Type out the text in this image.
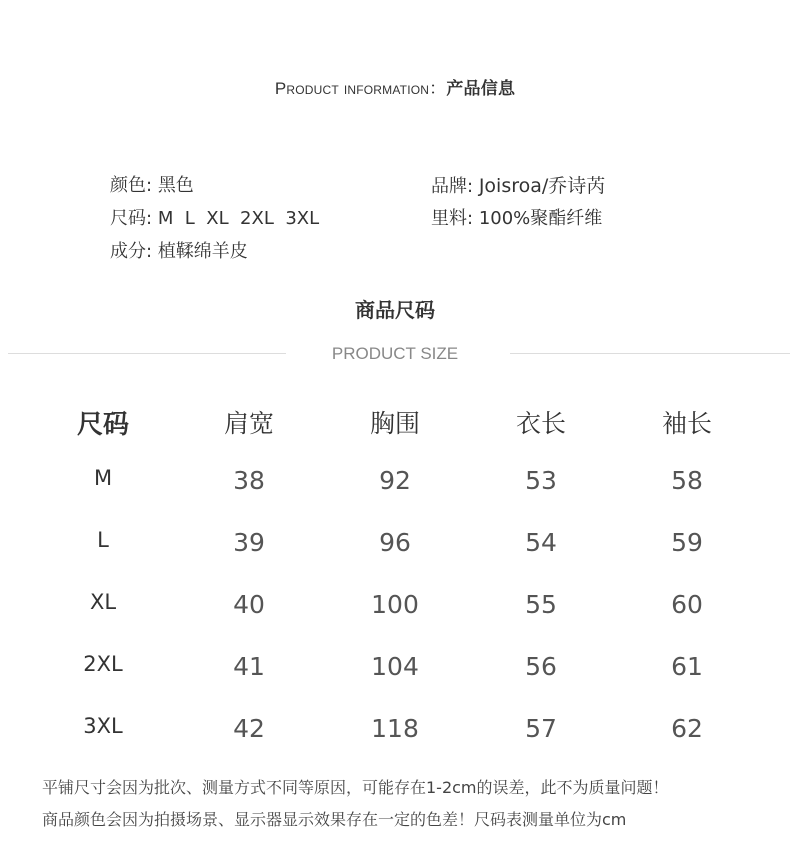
Product information：产品信息
颜色: 黑色	品牌: Joisroa/乔诗芮
尺码: M  L  XL  2XL  3XL	里料: 100%聚酯纤维
成分: 植鞣绵羊皮
商品尺码
PRODUCT SIZE
尺码	肩宽	胸围	衣长	袖长
M	38	92	53	58
L	39	96	54	59
XL	40	100	55	60
2XL	41	104	56	61
3XL	42	118	57	62
平铺尺寸会因为批次、测量方式不同等原因，可能存在1-2cm的误差，此不为质量问题！
商品颜色会因为拍摄场景、显示器显示效果存在一定的色差！尺码表测量单位为cm
